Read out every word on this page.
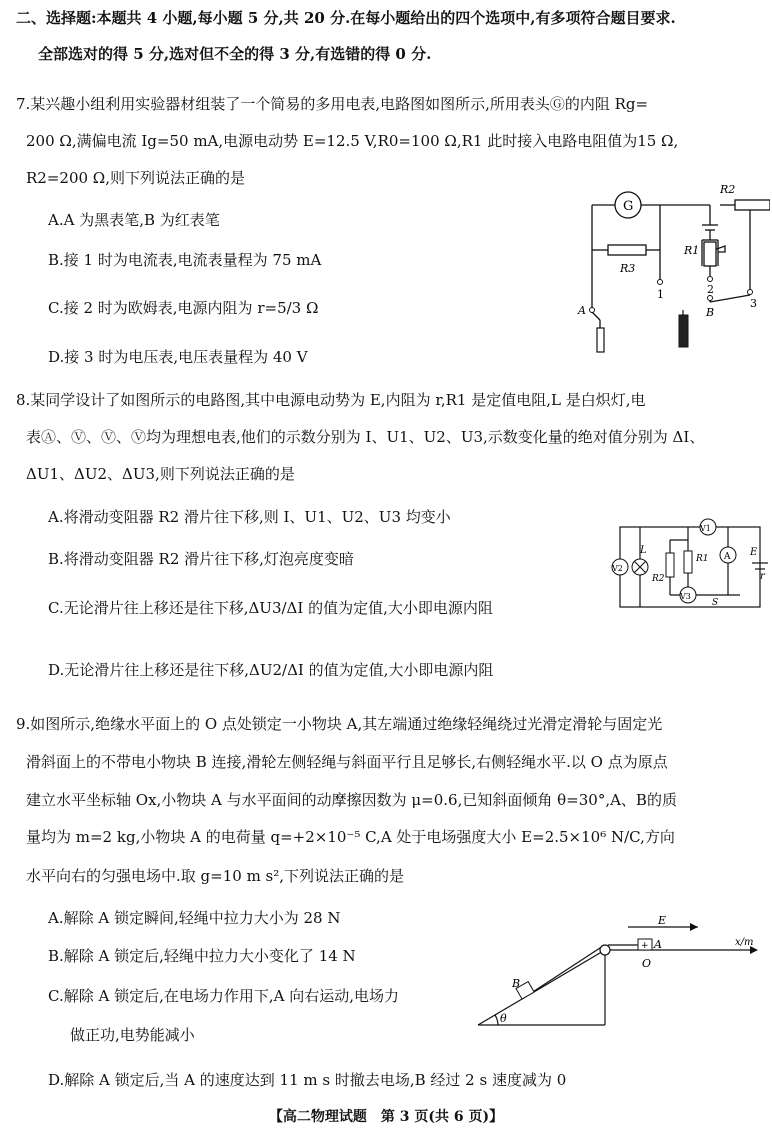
二、选择题:本题共 4 小题,每小题 5 分,共 20 分.在每小题给出的四个选项中,有多项符合题目要求.
全部选对的得 5 分,选对但不全的得 3 分,有选错的得 0 分.
7.某兴趣小组利用实验器材组装了一个简易的多用电表,电路图如图所示,所用表头Ⓖ的内阻 Rg=
200 Ω,满偏电流 Ig=50 mA,电源电动势 E=12.5 V,R0=100 Ω,R1 此时接入电路电阻值为15 Ω,
R2=200 Ω,则下列说法正确的是
A.A 为黑表笔,B 为红表笔
B.接 1 时为电流表,电流表量程为 75 mA
C.接 2 时为欧姆表,电源内阻为 r=5/3 Ω
D.接 3 时为电压表,电压表量程为 40 V
G
R2
R3
R1
1	2
3
A	B
8.某同学设计了如图所示的电路图,其中电源电动势为 E,内阻为 r,R1 是定值电阻,L 是白炽灯,电
表Ⓐ、Ⓥ、Ⓥ、Ⓥ均为理想电表,他们的示数分别为 I、U1、U2、U3,示数变化量的绝对值分别为 ΔI、
ΔU1、ΔU2、ΔU3,则下列说法正确的是
A.将滑动变阻器 R2 滑片往下移,则 I、U1、U2、U3 均变小
B.将滑动变阻器 R2 滑片往下移,灯泡亮度变暗
C.无论滑片往上移还是往下移,ΔU3/ΔI 的值为定值,大小即电源内阻
D.无论滑片往上移还是往下移,ΔU2/ΔI 的值为定值,大小即电源内阻
V2
L
R2
R1
V1
A
V3
E
r
S
9.如图所示,绝缘水平面上的 O 点处锁定一小物块 A,其左端通过绝缘轻绳绕过光滑定滑轮与固定光
滑斜面上的不带电小物块 B 连接,滑轮左侧轻绳与斜面平行且足够长,右侧轻绳水平.以 O 点为原点
建立水平坐标轴 Ox,小物块 A 与水平面间的动摩擦因数为 μ=0.6,已知斜面倾角 θ=30°,A、B的质
量均为 m=2 kg,小物块 A 的电荷量 q=+2×10⁻⁵ C,A 处于电场强度大小 E=2.5×10⁶ N/C,方向
水平向右的匀强电场中.取 g=10 m s²,下列说法正确的是
A.解除 A 锁定瞬间,轻绳中拉力大小为 28 N
B.解除 A 锁定后,轻绳中拉力大小变化了 14 N
C.解除 A 锁定后,在电场力作用下,A 向右运动,电场力
做正功,电势能减小
D.解除 A 锁定后,当 A 的速度达到 11 m s 时撤去电场,B 经过 2 s 速度减为 0
+
E
A
O
x/m
B
θ
【高二物理试题　第 3 页(共 6 页)】
